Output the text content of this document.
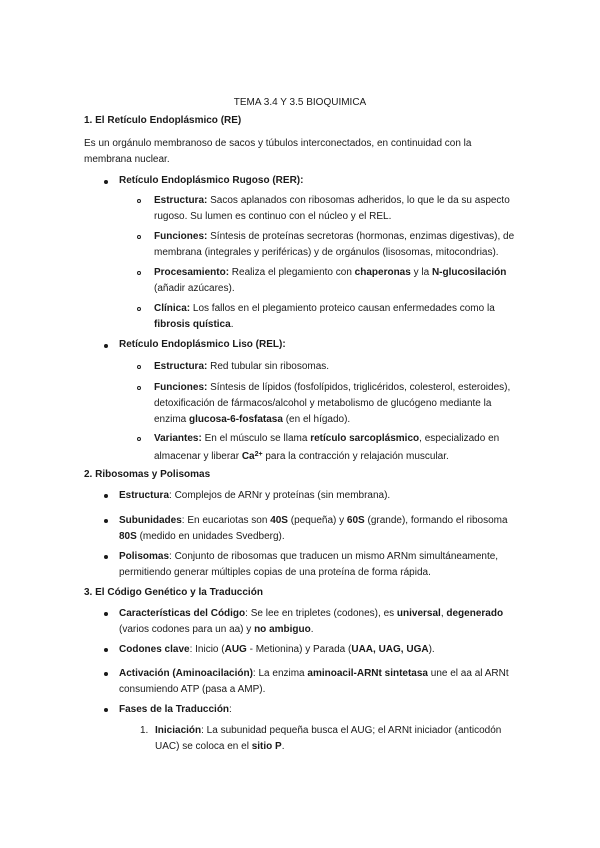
TEMA 3.4 Y 3.5 BIOQUIMICA
1. El Retículo Endoplásmico (RE)
Es un orgánulo membranoso de sacos y túbulos interconectados, en continuidad con la
membrana nuclear.
Retículo Endoplásmico Rugoso (RER):
Estructura: Sacos aplanados con ribosomas adheridos, lo que le da su aspecto
rugoso. Su lumen es continuo con el núcleo y el REL.
Funciones: Síntesis de proteínas secretoras (hormonas, enzimas digestivas), de
membrana (integrales y periféricas) y de orgánulos (lisosomas, mitocondrias).
Procesamiento: Realiza el plegamiento con chaperonas y la N-glucosilación
(añadir azúcares).
Clínica: Los fallos en el plegamiento proteico causan enfermedades como la
fibrosis quística.
Retículo Endoplásmico Liso (REL):
Estructura: Red tubular sin ribosomas.
Funciones: Síntesis de lípidos (fosfolípidos, triglicéridos, colesterol, esteroides),
detoxificación de fármacos/alcohol y metabolismo de glucógeno mediante la
enzima glucosa-6-fosfatasa (en el hígado).
Variantes: En el músculo se llama retículo sarcoplásmico, especializado en
almacenar y liberar $Ca^{2+}$ para la contracción y relajación muscular.
2. Ribosomas y Polisomas
Estructura: Complejos de ARNr y proteínas (sin membrana).
Subunidades: En eucariotas son 40S (pequeña) y 60S (grande), formando el ribosoma
80S (medido en unidades Svedberg).
Polisomas: Conjunto de ribosomas que traducen un mismo ARNm simultáneamente,
permitiendo generar múltiples copias de una proteína de forma rápida.
3. El Código Genético y la Traducción
Características del Código: Se lee en tripletes (codones), es universal, degenerado
(varios codones para un aa) y no ambiguo.
Codones clave: Inicio (AUG - Metionina) y Parada (UAA, UAG, UGA).
Activación (Aminoacilación): La enzima aminoacil-ARNt sintetasa une el aa al ARNt
consumiendo ATP (pasa a AMP).
Fases de la Traducción:
1. Iniciación: La subunidad pequeña busca el AUG; el ARNt iniciador (anticodón
UAC) se coloca en el sitio P.
